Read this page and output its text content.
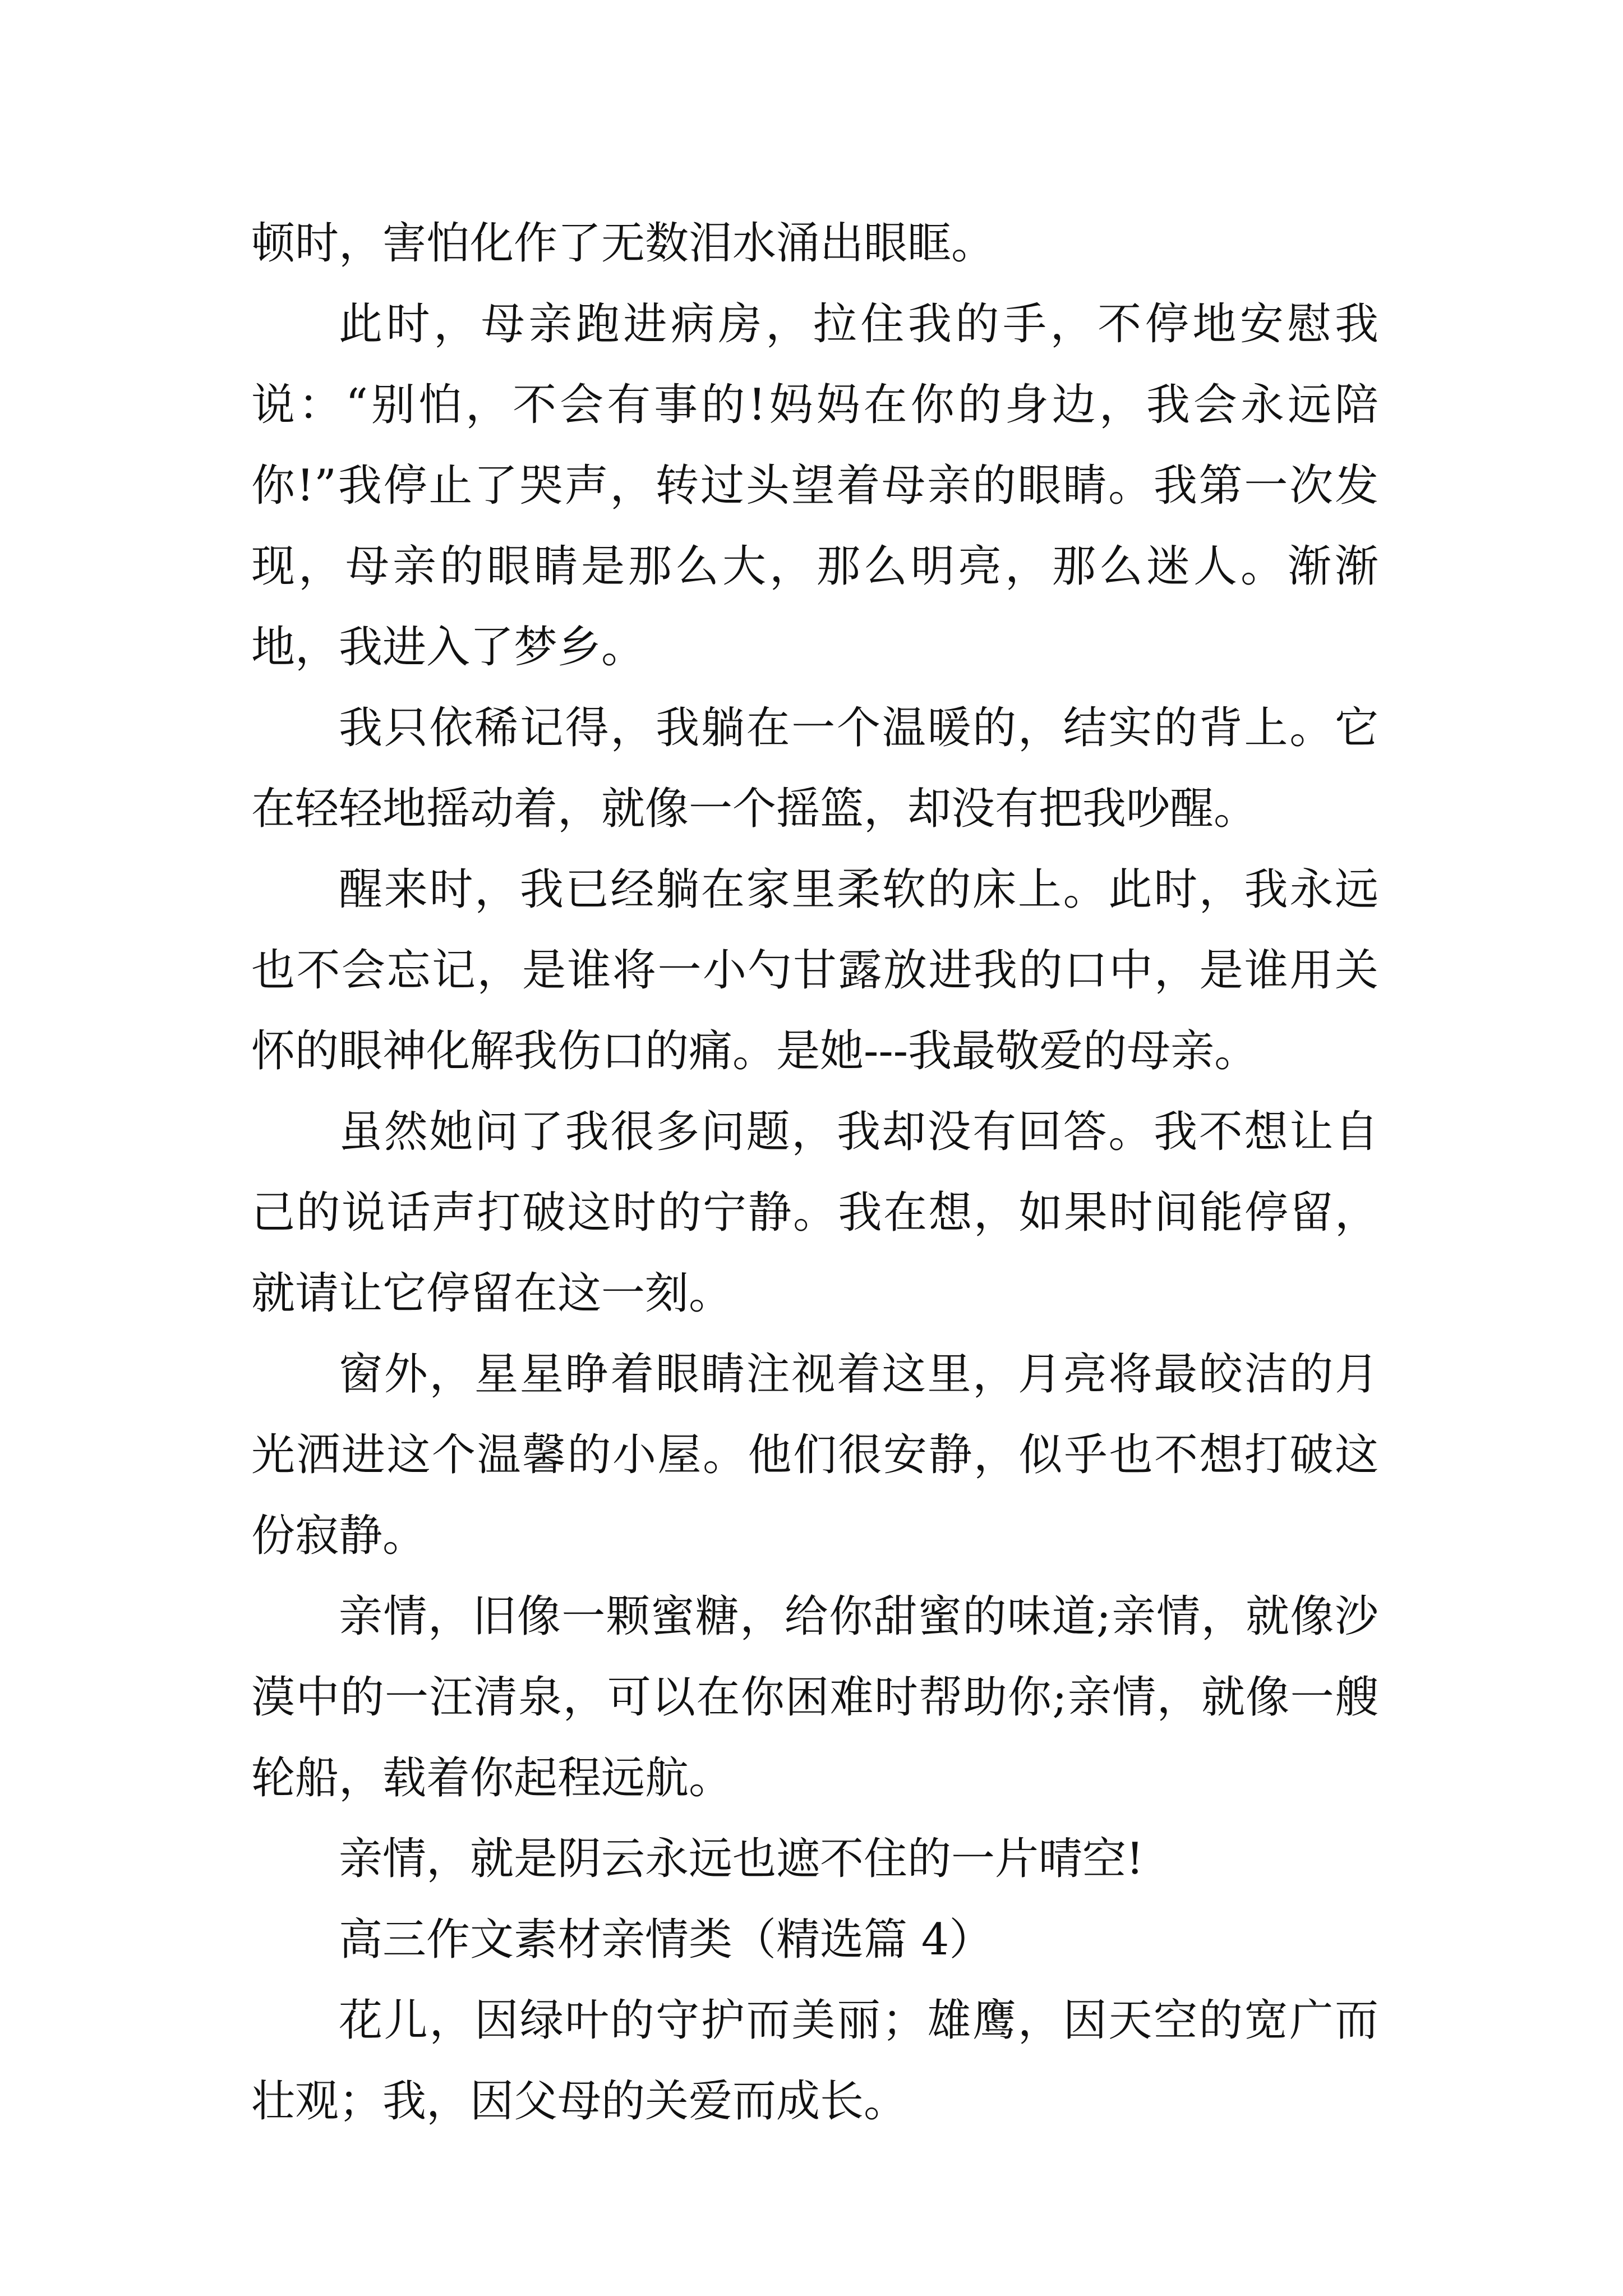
顿时，害怕化作了无数泪水涌出眼眶。

此时，母亲跑进病房，拉住我的手，不停地安慰我说：“别怕，不会有事的!妈妈在你的身边，我会永远陪你!”我停止了哭声，转过头望着母亲的眼睛。我第一次发现，母亲的眼睛是那么大，那么明亮，那么迷人。渐渐地，我进入了梦乡。

我只依稀记得，我躺在一个温暖的，结实的背上。它在轻轻地摇动着，就像一个摇篮，却没有把我吵醒。

醒来时，我已经躺在家里柔软的床上。此时，我永远也不会忘记，是谁将一小勺甘露放进我的口中，是谁用关怀的眼神化解我伤口的痛。是她---我最敬爱的母亲。

虽然她问了我很多问题，我却没有回答。我不想让自己的说话声打破这时的宁静。我在想，如果时间能停留，就请让它停留在这一刻。

窗外，星星睁着眼睛注视着这里，月亮将最皎洁的月光洒进这个温馨的小屋。他们很安静，似乎也不想打破这份寂静。

亲情，旧像一颗蜜糖，给你甜蜜的味道;亲情，就像沙漠中的一汪清泉，可以在你困难时帮助你;亲情，就像一艘轮船，载着你起程远航。

亲情，就是阴云永远也遮不住的一片晴空!

高三作文素材亲情类（精选篇 4）

花儿，因绿叶的守护而美丽；雄鹰，因天空的宽广而壮观；我，因父母的关爱而成长。
